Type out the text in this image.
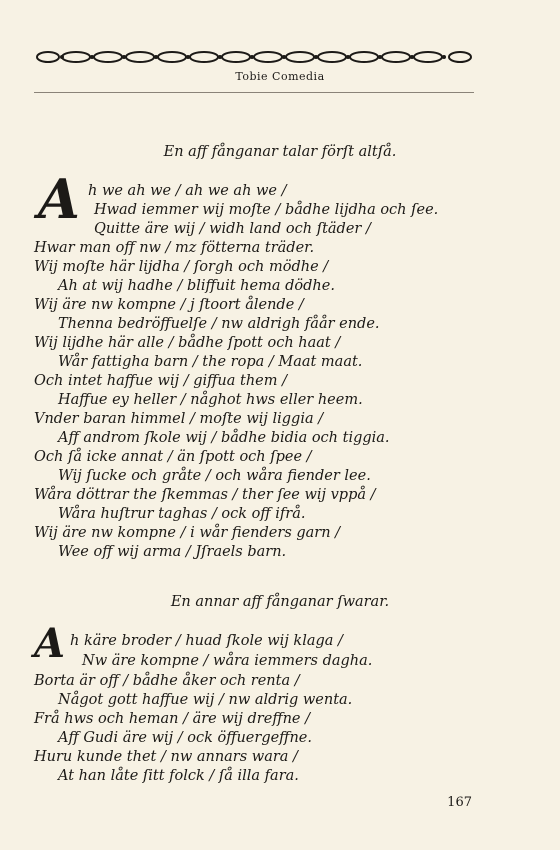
Tobie Comedia
En aff fånganar talar förſt altſå.
A h we ah we / ah we ah we /
Hwad iemmer wij moſte / bådhe lijdha och ſee.
Quitte äre wij / widh land och ſtäder /
Hwar man off nw / mz fötterna träder.
Wij moſte här lijdha / ſorgh och mödhe /
Ah at wij hadhe / bliffuit hema dödhe.
Wij äre nw kompne / j ſtoort ålende /
Thenna bedröffuelſe / nw aldrigh fåår ende.
Wij lijdhe här alle / bådhe ſpott och haat /
Wår fattigha barn / the ropa / Maat maat.
Och intet haffue wij / giffua them /
Haffue ey heller / någhot hws eller heem.
Vnder baran himmel / moſte wij liggia /
Aff androm ſkole wij / bådhe bidia och tiggia.
Och ſå icke annat / än ſpott och ſpee /
Wij ſucke och gråte / och wåra fiender lee.
Wåra döttrar the ſkemmas / ther ſee wij vppå /
Wåra huſtrur taghas / ock off ifrå.
Wij äre nw kompne / i wår fienders garn /
Wee off wij arma / Jſraels barn.
En annar aff fånganar ſwarar.
A h käre broder / huad ſkole wij klaga /
Nw äre kompne / wåra iemmers dagha.
Borta är off / bådhe åker och renta /
Något gott haffue wij / nw aldrig wenta.
Frå hws och heman / äre wij dreffne /
Aff Gudi äre wij / ock öffuergeffne.
Huru kunde thet / nw annars wara /
At han låte ſitt folck / ſå illa fara.
167
